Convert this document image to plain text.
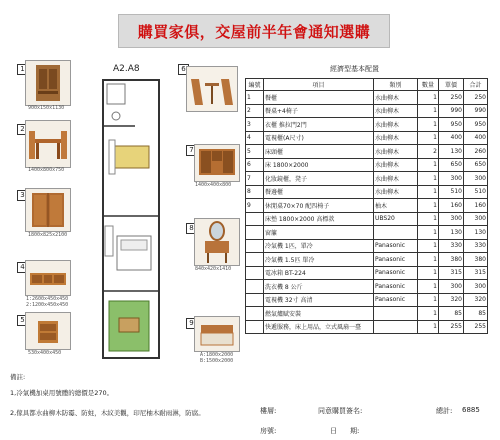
購買家俱，交屋前半年會通知選購
1
900x150x1130
2
1400x800x750
3
1800x825x2100
4
1:2600x450x450
2:1200x450x450
5
530x400x450
A2.A8	6
7
1400x400x800
8
840x420x1410
9
A:1800x2000
B:1500x2000
經濟型基本配置
編號	項目	類別	數量	單價	合計
1	餐櫃	水曲柳木	1	250	250
2	餐桌+4椅子	水曲柳木	1	990	990
3	衣櫃 推拉門2門	水曲柳木	1	950	950
4	電視櫃(A尺寸)	水曲柳木	1	400	400
5	床頭櫃	水曲柳木	2	130	260
6	床 1800×2000	水曲柳木	1	650	650
7	化妝鏡櫃，凳子	水曲柳木	1	300	300
8	餐邊櫃	水曲柳木	1	510	510
9	休閒桌70×70 配四椅子	柚木	1	160	160
	床墊 1800×2000 高標款	UBS20	1	300	300
	窗簾		1	130	130
	冷氣機 1匹，單冷	Panasonic	1	330	330
	冷氣機 1.5匹 單冷	Panasonic	1	380	380
	電冰箱 BT-224	Panasonic	1	315	315
	洗衣機 8 公斤	Panasonic	1	300	300
	電視機 32寸 高清	Panasonic	1	320	320
	燃氣爐賦安裝		1	85	85
	快遞服務，床上用品，立式風扇一臺		1	255	255
備註:
1,冷氣機加桌用號體的總價是270。
2,傢具都水曲柳木防霉、防蛀，木紋美觀，印尼柚木耐雨淋，防腐。	樓層:	同意購買簽名:	總計: 6885
房號:	日 期:
